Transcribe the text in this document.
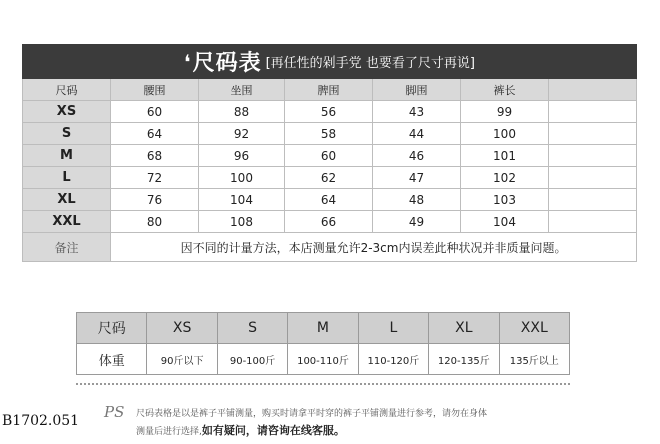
❛尺码表 [再任性的剁手党 也要看了尺寸再说]						
尺码	腰围	坐围	脾围	脚围	裤长	
XS	60	88	56	43	99	
S	64	92	58	44	100	
M	68	96	60	46	101	
L	72	100	62	47	102	
XL	76	104	64	48	103	
XXL	80	108	66	49	104	
备注	因不同的计量方法，本店测量允许2-3cm内误差此种状况并非质量问题。					
尺码	XS	S	M	L	XL	XXL
体重	90斤以下	90-100斤	100-110斤	110-120斤	120-135斤	135斤以上
B1702.051 PS 尺码表格是以是裤子平铺测量，购买时请拿平时穿的裤子平铺测量进行参考，请勿在身体
测量后进行选择,如有疑问，请咨询在线客服。
